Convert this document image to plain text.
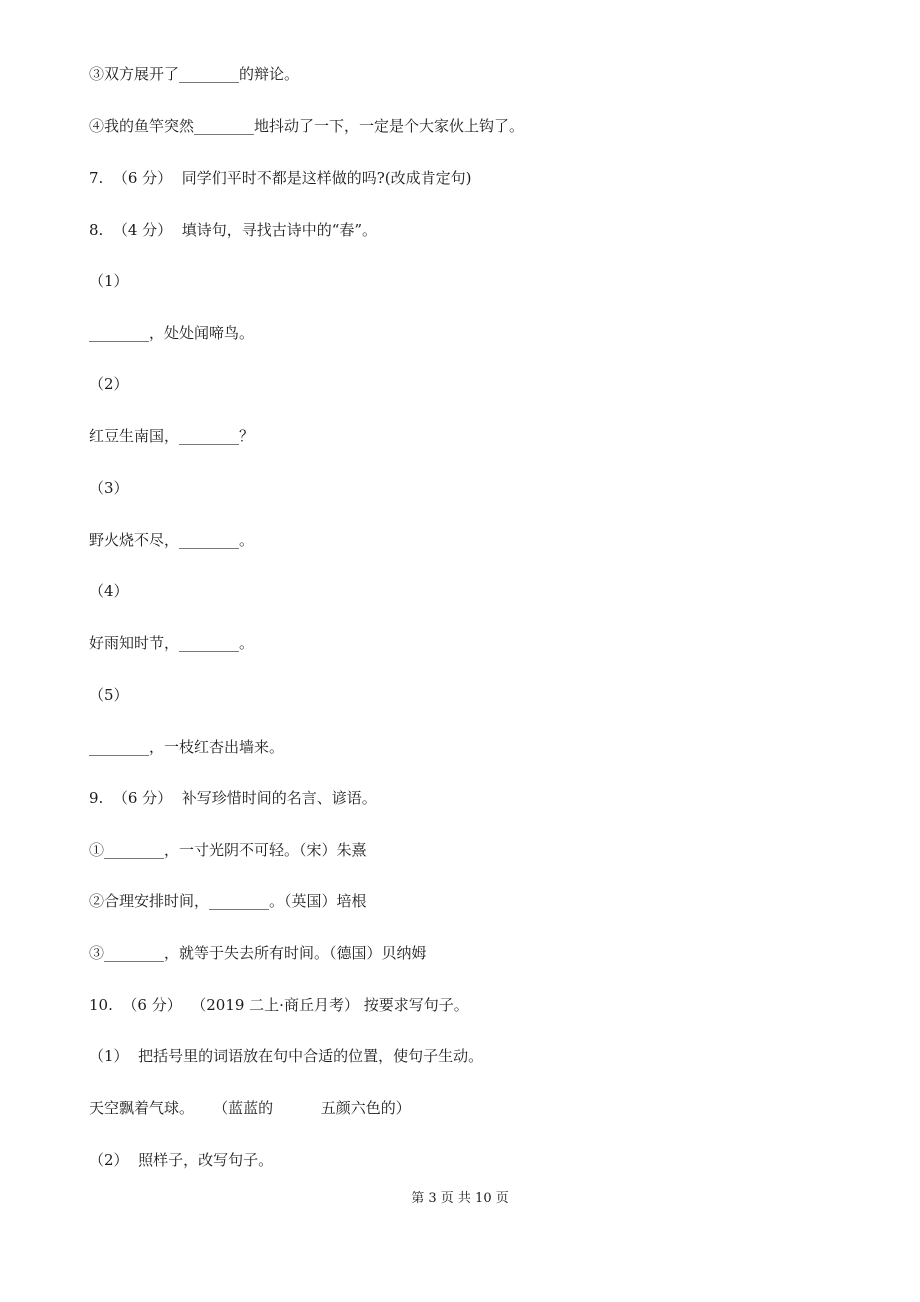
③双方展开了________的辩论。
④我的鱼竿突然________地抖动了一下，一定是个大家伙上钩了。
7.  （6 分）  同学们平时不都是这样做的吗?(改成肯定句)
8.  （4 分）  填诗句，寻找古诗中的“春”。
（1）
________，处处闻啼鸟。
（2）
红豆生南国，________？
（3）
野火烧不尽，________。
（4）
好雨知时节，________。
（5）
________，一枝红杏出墙来。
9.  （6 分）  补写珍惜时间的名言、谚语。
①________，一寸光阴不可轻。（宋）朱熹
②合理安排时间，________。（英国）培根
③________，就等于失去所有时间。（德国）贝纳姆
10.  （6 分）  （2019 二上·商丘月考） 按要求写句子。
（1）  把括号里的词语放在句中合适的位置，使句子生动。
天空飘着气球。    （蓝蓝的          五颜六色的）
（2）  照样子，改写句子。
第 3 页 共 10 页
